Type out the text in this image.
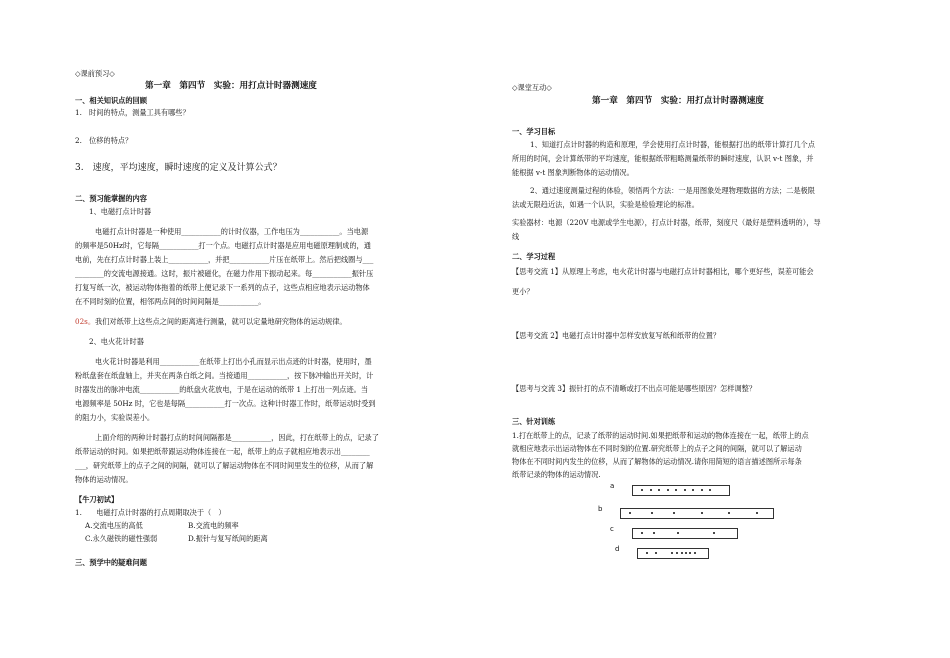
◇课前预习◇
第一章　第四节　实验：用打点计时器测速度
一、相关知识点的回顾
1.　时间的特点，测量工具有哪些？
2.　位移的特点？
3.　速度，平均速度，瞬时速度的定义及计算公式？
二、预习能掌握的内容
1、电磁打点计时器
电磁打点计时器是一种使用___________的计时仪器，工作电压为___________。当电源
的频率是50Hz时，它每隔___________打一个点。电磁打点计时器是应用电磁原理制成的，通
电前，先在打点计时器上装上___________，并把___________片压在纸带上。然后把线圈与___
________的交流电源接通。这时，振片被磁化，在磁力作用下振动起来。每___________振针压
打复写纸一次，被运动物体拖着的纸带上便记录下一系列的点子，这些点相应地表示运动物体
在不同时刻的位置，相邻两点间的时间间隔是___________。
02s。我们对纸带上这些点之间的距离进行测量，就可以定量地研究物体的运动规律。
2、电火花计时器
电火花计时器是利用___________在纸带上打出小孔而显示出点迹的计时器，使用时，墨
粉纸盘套在纸盘轴上，并夹在两条白纸之间。当接通用___________，按下脉冲输出开关时，计
时器发出的脉冲电流___________的纸盘火花放电，于是在运动的纸带 1 上打出一列点迹。当
电源频率是 50Hz 时，它也是每隔___________打一次点。这种计时器工作时，纸带运动时受到
的阻力小，实验误差小。
上面介绍的两种计时器打点的时间间隔都是___________，因此，打在纸带上的点，记录了
纸带运动的时间。如果把纸带跟运动物体连接在一起，纸带上的点子就相应地表示出________
___，研究纸带上的点子之间的间隔，就可以了解运动物体在不同时间里发生的位移，从而了解
物体的运动情况。
【牛刀初试】
1.　　电磁打点计时器的打点周期取决于（　）
A.交流电压的高低	B.交流电的频率
C.永久磁铁的磁性强弱	D.振针与复写纸间的距离
三、预学中的疑难问题
◇课堂互动◇
第一章　第四节　实验：用打点计时器测速度
一、学习目标
1、知道打点计时器的构造和原理，学会使用打点计时器，能根据打出的纸带计算打几个点
所用的时间，会计算纸带的平均速度，能根据纸带粗略测量纸带的瞬时速度，认识 v-t 图象，并
能根据 v-t 图象判断物体的运动情况。
2、通过速度测量过程的体验，领悟两个方法：一是用图象处理物理数据的方法；二是极限
法或无限趋近法，如遇一个认识，实验是检验理论的标准。
实验器材：电源（220V 电源或学生电源），打点计时器，纸带，刻度尺（最好是塑料透明的），导
线
二、学习过程
【思考交流 1】从原理上考虑，电火花计时器与电磁打点计时器相比，哪个更好些，误差可能会
更小？
【思考交流 2】电磁打点计时器中怎样安放复写纸和纸带的位置？
【思考与交流 3】振针打的点不清晰或打不出点可能是哪些原因？怎样调整？
三、针对训练
1.打在纸带上的点，记录了纸带的运动时间.如果把纸带和运动的物体连接在一起，纸带上的点
就相应地表示出运动物体在不同时刻的位置.研究纸带上的点子之间的间隔，就可以了解运动
物体在不同时间内发生的位移，从而了解物体的运动情况.请你用简短的语言描述图所示每条
纸带记录的物体的运动情况.
a
b
c
d
